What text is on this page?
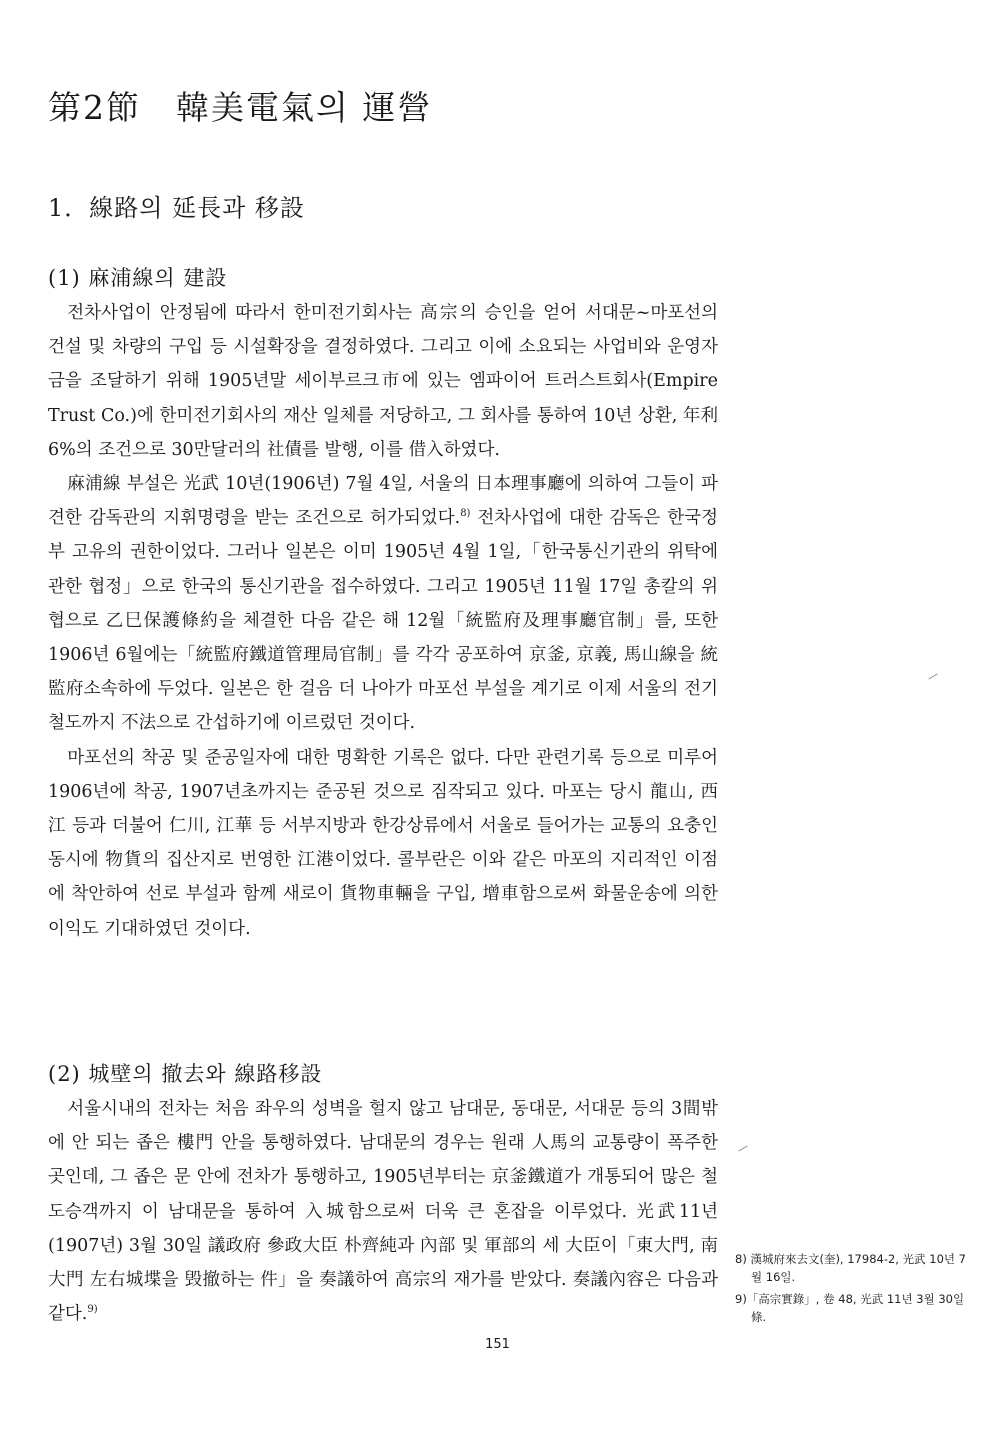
第2節　韓美電氣의 運營
1．線路의 延長과 移設
(1) 麻浦線의 建設

전차사업이 안정됨에 따라서 한미전기회사는 高宗의 승인을 얻어 서대문~마포선의 건설 및 차량의 구입 등 시설확장을 결정하였다. 그리고 이에 소요되는 사업비와 운영자금을 조달하기 위해 1905년말 세이부르크市에 있는 엠파이어 트러스트회사(Empire Trust Co.)에 한미전기회사의 재산 일체를 저당하고, 그 회사를 통하여 10년 상환, 年利 6%의 조건으로 30만달러의 社債를 발행, 이를 借入하였다.

麻浦線 부설은 光武 10년(1906년) 7월 4일, 서울의 日本理事廳에 의하여 그들이 파견한 감독관의 지휘명령을 받는 조건으로 허가되었다.$^{8)}$ 전차사업에 대한 감독은 한국정부 고유의 권한이었다. 그러나 일본은 이미 1905년 4월 1일,「한국통신기관의 위탁에 관한 협정」으로 한국의 통신기관을 접수하였다. 그리고 1905년 11월 17일 총칼의 위협으로 乙巳保護條約을 체결한 다음 같은 해 12월「統監府及理事廳官制」를, 또한 1906년 6월에는「統監府鐵道管理局官制」를 각각 공포하여 京釜, 京義, 馬山線을 統監府소속하에 두었다. 일본은 한 걸음 더 나아가 마포선 부설을 계기로 이제 서울의 전기철도까지 不法으로 간섭하기에 이르렀던 것이다.

마포선의 착공 및 준공일자에 대한 명확한 기록은 없다. 다만 관련기록 등으로 미루어 1906년에 착공, 1907년초까지는 준공된 것으로 짐작되고 있다. 마포는 당시 龍山, 西江 등과 더불어 仁川, 江華 등 서부지방과 한강상류에서 서울로 들어가는 교통의 요충인 동시에 物貨의 집산지로 번영한 江港이었다. 콜부란은 이와 같은 마포의 지리적인 이점에 착안하여 선로 부설과 함께 새로이 貨物車輛을 구입, 增車함으로써 화물운송에 의한 이익도 기대하였던 것이다.

(2) 城壁의 撤去와 線路移設

서울시내의 전차는 처음 좌우의 성벽을 헐지 않고 남대문, 동대문, 서대문 등의 3間밖에 안 되는 좁은 樓門 안을 통행하였다. 남대문의 경우는 원래 人馬의 교통량이 폭주한 곳인데, 그 좁은 문 안에 전차가 통행하고, 1905년부터는 京釜鐵道가 개통되어 많은 철도승객까지 이 남대문을 통하여 入城함으로써 더욱 큰 혼잡을 이루었다. 光武11년(1907년) 3월 30일 議政府 參政大臣 朴齊純과 內部 및 軍部의 세 大臣이「東大門, 南大門 左右城堞을 毁撤하는 件」을 奏議하여 高宗의 재가를 받았다. 奏議內容은 다음과 같다.$^{9)}$

8) 漢城府來去文(奎), 17984-2, 光武 10년 7월 16일.

9)「高宗實錄」, 卷 48, 光武 11년 3월 30일條.

151
